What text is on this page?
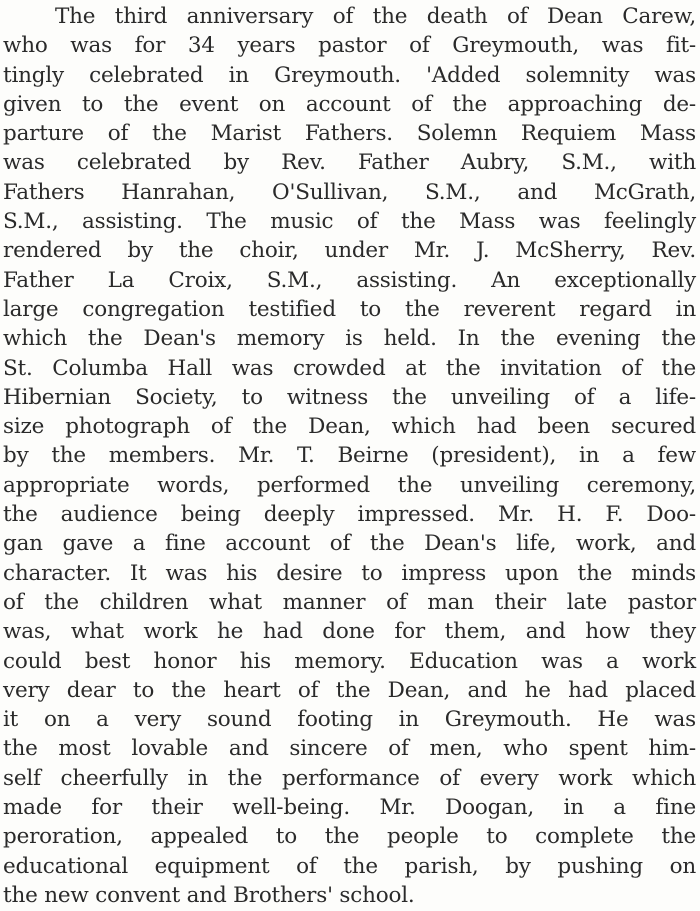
The third anniversary of the death of Dean Carew,
who was for 34 years pastor of Greymouth, was fit-
tingly celebrated in Greymouth. 'Added solemnity was
given to the event on account of the approaching de-
parture of the Marist Fathers. Solemn Requiem Mass
was celebrated by Rev. Father Aubry, S.M., with
Fathers Hanrahan, O'Sullivan, S.M., and McGrath,
S.M., assisting. The music of the Mass was feelingly
rendered by the choir, under Mr. J. McSherry, Rev.
Father La Croix, S.M., assisting. An exceptionally
large congregation testified to the reverent regard in
which the Dean's memory is held. In the evening the
St. Columba Hall was crowded at the invitation of the
Hibernian Society, to witness the unveiling of a life-
size photograph of the Dean, which had been secured
by the members. Mr. T. Beirne (president), in a few
appropriate words, performed the unveiling ceremony,
the audience being deeply impressed. Mr. H. F. Doo-
gan gave a fine account of the Dean's life, work, and
character. It was his desire to impress upon the minds
of the children what manner of man their late pastor
was, what work he had done for them, and how they
could best honor his memory. Education was a work
very dear to the heart of the Dean, and he had placed
it on a very sound footing in Greymouth. He was
the most lovable and sincere of men, who spent him-
self cheerfully in the performance of every work which
made for their well-being. Mr. Doogan, in a fine
peroration, appealed to the people to complete the
educational equipment of the parish, by pushing on
the new convent and Brothers' school.
